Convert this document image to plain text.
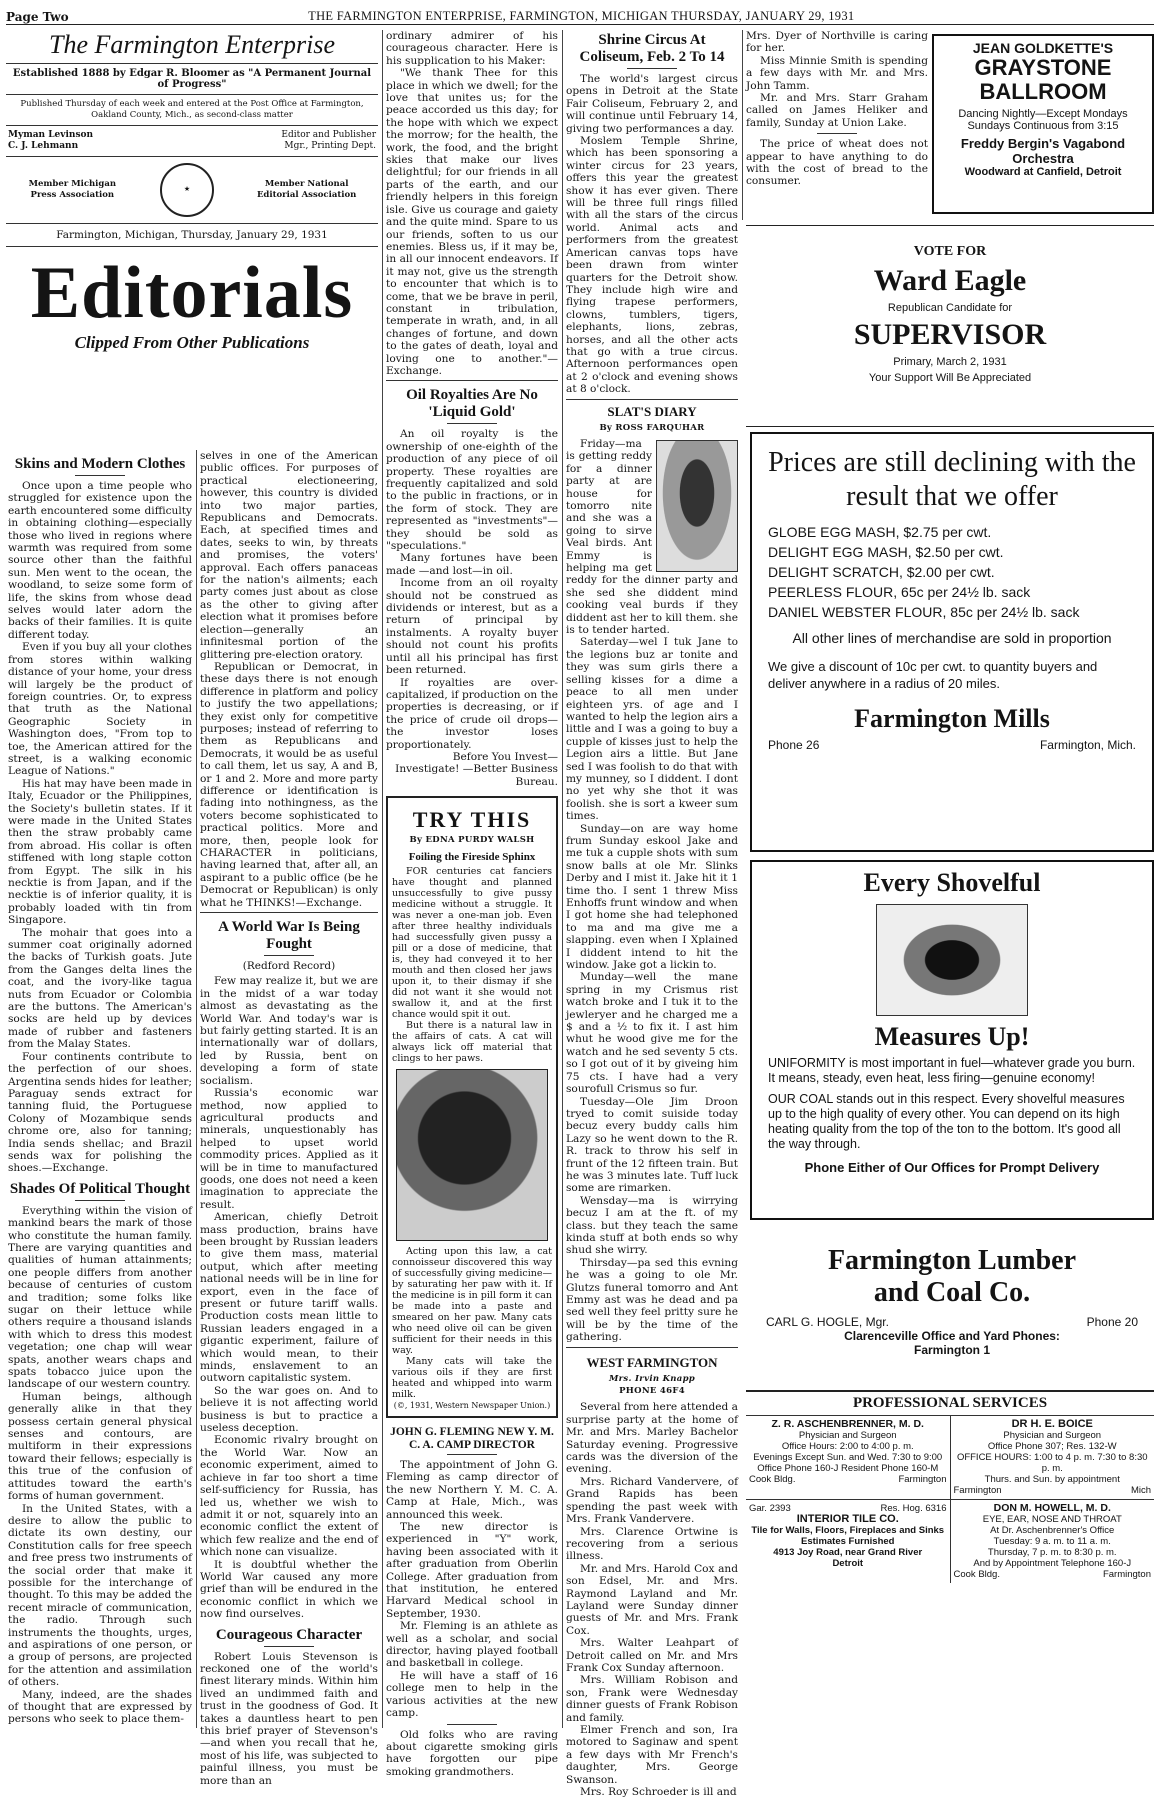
Page Two	THE FARMINGTON ENTERPRISE, FARMINGTON, MICHIGAN THURSDAY, JANUARY 29, 1931
The Farmington Enterprise
Established 1888 by Edgar R. Bloomer as "A Permanent Journal of Progress"
Published Thursday of each week and entered at the Post Office at Farmington, Oakland County, Mich., as second-class matter
Myman Levinson
C. J. Lehmann
Editor and Publisher
Mgr., Printing Dept.
Member Michigan Press Association
★
Member National Editorial Association
Farmington, Michigan, Thursday, January 29, 1931
Editorials
Clipped From Other Publications
Skins and Modern Clothes

Once upon a time people who struggled for existence upon the earth encountered some difficulty in obtaining clothing—especially those who lived in regions where warmth was required from some source other than the faithful sun. Men went to the ocean, the woodland, to seize some form of life, the skins from whose dead selves would later adorn the backs of their families. It is quite different today.

Even if you buy all your clothes from stores within walking distance of your home, your dress will largely be the product of foreign countries. Or, to express that truth as the National Geographic Society in Washington does, "From top to toe, the American attired for the street, is a walking economic League of Nations."

His hat may have been made in Italy, Ecuador or the Philippines, the Society's bulletin states. If it were made in the United States then the straw probably came from abroad. His collar is often stiffened with long staple cotton from Egypt. The silk in his necktie is from Japan, and if the necktie is of inferior quality, it is probably loaded with tin from Singapore.

The mohair that goes into a summer coat originally adorned the backs of Turkish goats. Jute from the Ganges delta lines the coat, and the ivory-like tagua nuts from Ecuador or Colombia are the buttons. The American's socks are held up by devices made of rubber and fasteners from the Malay States.

Four continents contribute to the perfection of our shoes. Argentina sends hides for leather; Paraguay sends extract for tanning fluid, the Portuguese Colony of Mozambique sends chrome ore, also for tanning; India sends shellac; and Brazil sends wax for polishing the shoes.—Exchange.

Shades Of Political Thought

Everything within the vision of mankind bears the mark of those who constitute the human family. There are varying quantities and qualities of human attainments; one people differs from another because of centuries of custom and tradition; some folks like sugar on their lettuce while others require a thousand islands with which to dress this modest vegetation; one chap will wear spats, another wears chaps and spats tobacco juice upon the landscape of our western country.

Human beings, although generally alike in that they possess certain general physical senses and contours, are multiform in their expressions toward their fellows; especially is this true of the confusion of attitudes toward the earth's forms of human government.

In the United States, with a desire to allow the public to dictate its own destiny, our Constitution calls for free speech and free press two instruments of the social order that make it possible for the interchange of thought. To this may be added the recent miracle of communication, the radio. Through such instruments the thoughts, urges, and aspirations of one person, or a group of persons, are projected for the attention and assimilation of others.

Many, indeed, are the shades of thought that are expressed by persons who seek to place them-

selves in one of the American public offices. For purposes of practical electioneering, however, this country is divided into two major parties, Republicans and Democrats. Each, at specified times and dates, seeks to win, by threats and promises, the voters' approval. Each offers panaceas for the nation's ailments; each party comes just about as close as the other to giving after election what it promises before election—generally an infinitesmal portion of the glittering pre-election oratory.

Republican or Democrat, in these days there is not enough difference in platform and policy to justify the two appellations; they exist only for competitive purposes; instead of referring to them as Republicans and Democrats, it would be as useful to call them, let us say, A and B, or 1 and 2. More and more party difference or identification is fading into nothingness, as the voters become sophisticated to practical politics. More and more, then, people look for CHARACTER in politicians, having learned that, after all, an aspirant to a public office (be he Democrat or Republican) is only what he THINKS!—Exchange.

A World War Is Being Fought
(Redford Record)

Few may realize it, but we are in the midst of a war today almost as devastating as the World War. And today's war is but fairly getting started. It is an internationally war of dollars, led by Russia, bent on developing a form of state socialism.

Russia's economic war method, now applied to agricultural products and minerals, unquestionably has helped to upset world commodity prices. Applied as it will be in time to manufactured goods, one does not need a keen imagination to appreciate the result.

American, chiefly Detroit mass production, brains have been brought by Russian leaders to give them mass, material output, which after meeting national needs will be in line for export, even in the face of present or future tariff walls. Production costs mean little to Russian leaders engaged in a gigantic experiment, failure of which would mean, to their minds, enslavement to an outworn capitalistic system.

So the war goes on. And to believe it is not affecting world business is but to practice a useless deception.

Economic rivalry brought on the World War. Now an economic experiment, aimed to achieve in far too short a time self-sufficiency for Russia, has led us, whether we wish to admit it or not, squarely into an economic conflict the extent of which few realize and the end of which none can visualize.

It is doubtful whether the World War caused any more grief than will be endured in the economic conflict in which we now find ourselves.

Courageous Character

Robert Louis Stevenson is reckoned one of the world's finest literary minds. Within him lived an undimmed faith and trust in the goodness of God. It takes a dauntless heart to pen this brief prayer of Stevenson's—and when you recall that he, most of his life, was subjected to painful illness, you must be more than an

ordinary admirer of his courageous character. Here is his supplication to his Maker:

"We thank Thee for this place in which we dwell; for the love that unites us; for the peace accorded us this day; for the hope with which we expect the morrow; for the health, the work, the food, and the bright skies that make our lives delightful; for our friends in all parts of the earth, and our friendly helpers in this foreign isle. Give us courage and gaiety and the quite mind. Spare to us our friends, soften to us our enemies. Bless us, if it may be, in all our innocent endeavors. If it may not, give us the strength to encounter that which is to come, that we be brave in peril, constant in tribulation, temperate in wrath, and, in all changes of fortune, and down to the gates of death, loyal and loving one to another."—Exchange.

Oil Royalties Are No 'Liquid Gold'

An oil royalty is the ownership of one-eighth of the production of any piece of oil property. These royalties are frequently capitalized and sold to the public in fractions, or in the form of stock. They are represented as "investments"—they should be sold as "speculations."

Many fortunes have been made —and lost—in oil.

Income from an oil royalty should not be construed as dividends or interest, but as a return of principal by instalments. A royalty buyer should not count his profits until all his principal has first been returned.

If royalties are over-capitalized, if production on the properties is decreasing, or if the price of crude oil drops—the investor loses proportionately.

Before You Invest—Investigate! —Better Business Bureau.

TRY THIS
By EDNA PURDY WALSH
Foiling the Fireside Sphinx

FOR centuries cat fanciers have thought and planned unsuccessfully to give pussy medicine without a struggle. It was never a one-man job. Even after three healthy individuals had successfully given pussy a pill or a dose of medicine, that is, they had conveyed it to her mouth and then closed her jaws upon it, to their dismay if she did not want it she would not swallow it, and at the first chance would spit it out.

But there is a natural law in the affairs of cats. A cat will always lick off material that clings to her paws.

Acting upon this law, a cat connoisseur discovered this way of successfully giving medicine—by saturating her paw with it. If the medicine is in pill form it can be made into a paste and smeared on her paw. Many cats who need olive oil can be given sufficient for their needs in this way.

Many cats will take the various oils if they are first heated and whipped into warm milk.

(©, 1931, Western Newspaper Union.)
JOHN G. FLEMING NEW Y. M. C. A. CAMP DIRECTOR

The appointment of John G. Fleming as camp director of the new Northern Y. M. C. A. Camp at Hale, Mich., was announced this week.

The new director is experienced in "Y" work, having been associated with it after graduation from Oberlin College. After graduation from that institution, he entered Harvard Medical school in September, 1930.

Mr. Fleming is an athlete as well as a scholar, and social director, having played football and basketball in college.

He will have a staff of 16 college men to help in the various activities at the new camp.

Old folks who are raving about cigarette smoking girls have forgotten our pipe smoking grandmothers.

Shrine Circus At Coliseum, Feb. 2 To 14

The world's largest circus opens in Detroit at the State Fair Coliseum, February 2, and will continue until February 14, giving two performances a day.

Moslem Temple Shrine, which has been sponsoring a winter circus for 23 years, offers this year the greatest show it has ever given. There will be three full rings filled with all the stars of the circus world. Animal acts and performers from the greatest American canvas tops have been drawn from winter quarters for the Detroit show. They include high wire and flying trapese performers, clowns, tumblers, tigers, elephants, lions, zebras, horses, and all the other acts that go with a true circus. Afternoon performances open at 2 o'clock and evening shows at 8 o'clock.

SLAT'S DIARY
By ROSS FARQUHAR

Friday—ma is getting reddy for a dinner party at are house for tomorro nite and she was a going to sirve Veal birds. Ant Emmy is helping ma get reddy for the dinner party and she sed she diddent mind cooking veal burds if they diddent ast her to kill them. she is to tender harted.

Saterday—wel I tuk Jane to the legions buz ar tonite and they was sum girls there a selling kisses for a dime a peace to all men under eighteen yrs. of age and I wanted to help the legion airs a little and I was a going to buy a cupple of kisses just to help the Legion airs a little. But Jane sed I was foolish to do that with my munney, so I diddent. I dont no yet why she thot it was foolish. she is sort a kweer sum times.

Sunday—on are way home frum Sunday eskool Jake and me tuk a cupple shots with sum snow balls at ole Mr. Slinks Derby and I mist it. Jake hit it 1 time tho. I sent 1 threw Miss Enhoffs frunt window and when I got home she had telephoned to ma and ma give me a slapping. even when I Xplained I diddent intend to hit the window. Jake got a lickin to.

Munday—well the mane spring in my Crismus rist watch broke and I tuk it to the jewleryer and he charged me a $ and a ½ to fix it. I ast him whut he wood give me for the watch and he sed seventy 5 cts. so I got out of it by giveing him 75 cts. I have had a very sourofull Crismus so fur.

Tuesday—Ole Jim Droon tryed to comit suiside today becuz every buddy calls him Lazy so he went down to the R. R. track to throw his self in frunt of the 12 fifteen train. But he was 3 minutes late. Tuff luck some are rimarken.

Wensday—ma is wirrying becuz I am at the ft. of my class. but they teach the same kinda stuff at both ends so why shud she wirry.

Thirsday—pa sed this evning he was a going to ole Mr. Glutzs funeral tomorro and Ant Emmy ast was he dead and pa sed well they feel pritty sure he will be by the time of the gathering.

WEST FARMINGTON
Mrs. Irvin Knapp
PHONE 46F4

Several from here attended a surprise party at the home of Mr. and Mrs. Marley Bachelor Saturday evening. Progressive cards was the diversion of the evening.

Mrs. Richard Vandervere, of Grand Rapids has been spending the past week with Mrs. Frank Vandervere.

Mrs. Clarence Ortwine is recovering from a serious illness.

Mr. and Mrs. Harold Cox and son Edsel, Mr. and Mrs. Raymond Layland and Mr. Layland were Sunday dinner guests of Mr. and Mrs. Frank Cox.

Mrs. Walter Leahpart of Detroit called on Mr. and Mrs Frank Cox Sunday afternoon.

Mrs. William Robison and son, Frank were Wednesday dinner guests of Frank Robison and family.

Elmer French and son, Ira motored to Saginaw and spent a few days with Mr French's daughter, Mrs. George Swanson.

Mrs. Roy Schroeder is ill and

Mrs. Dyer of Northville is caring for her.

Miss Minnie Smith is spending a few days with Mr. and Mrs. John Tamm.

Mr. and Mrs. Starr Graham called on James Heliker and family, Sunday at Union Lake.

The price of wheat does not appear to have anything to do with the cost of bread to the consumer.

JEAN GOLDKETTE'S
GRAYSTONE
BALLROOM
Dancing Nightly—Except Mondays
Sundays Continuous from 3:15
Freddy Bergin's Vagabond Orchestra
Woodward at Canfield, Detroit
VOTE FOR
Ward Eagle
Republican Candidate for
SUPERVISOR
Primary, March 2, 1931
Your Support Will Be Appreciated
Prices are still declining with the result that we offer
GLOBE EGG MASH, $2.75 per cwt.
DELIGHT EGG MASH, $2.50 per cwt.
DELIGHT SCRATCH, $2.00 per cwt.
PEERLESS FLOUR, 65c per 24½ lb. sack
DANIEL WEBSTER FLOUR, 85c per 24½ lb. sack
All other lines of merchandise are sold in proportion
We give a discount of 10c per cwt. to quantity buyers and deliver anywhere in a radius of 20 miles.
Farmington Mills
Phone 26	Farmington, Mich.
Every Shovelful
Measures Up!
UNIFORMITY is most important in fuel—whatever grade you burn. It means, steady, even heat, less firing—genuine economy!
OUR COAL stands out in this respect. Every shovelful measures up to the high quality of every other. You can depend on its high heating quality from the top of the ton to the bottom. It's good all the way through.
Phone Either of Our Offices for Prompt Delivery
Farmington Lumber
and Coal Co.
CARL G. HOGLE, Mgr.	Phone 20
Clarenceville Office and Yard Phones:
Farmington 1
PROFESSIONAL SERVICES
Z. R. ASCHENBRENNER, M. D.
Physician and Surgeon
Office Hours: 2:00 to 4:00 p. m.
Evenings Except Sun. and Wed. 7:30 to 9:00
Office Phone 160-J Resident Phone 160-M
Cook Bldg.	Farmington
DR H. E. BOICE
Physician and Surgeon
Office Phone 307; Res. 132-W
OFFICE HOURS: 1:00 to 4 p. m. 7:30 to 8:30 p. m.
Thurs. and Sun. by appointment
Farmington	Mich
Gar. 2393	Res. Hog. 6316
INTERIOR TILE CO.
Tile for Walls, Floors, Fireplaces and Sinks
Estimates Furnished
4913 Joy Road, near Grand River
Detroit
DON M. HOWELL, M. D.
EYE, EAR, NOSE AND THROAT
At Dr. Aschenbrenner's Office
Tuesday: 9 a. m. to 11 a. m.
Thursday, 7 p. m. to 8:30 p. m.
And by Appointment Telephone 160-J
Cook Bldg.	Farmington
